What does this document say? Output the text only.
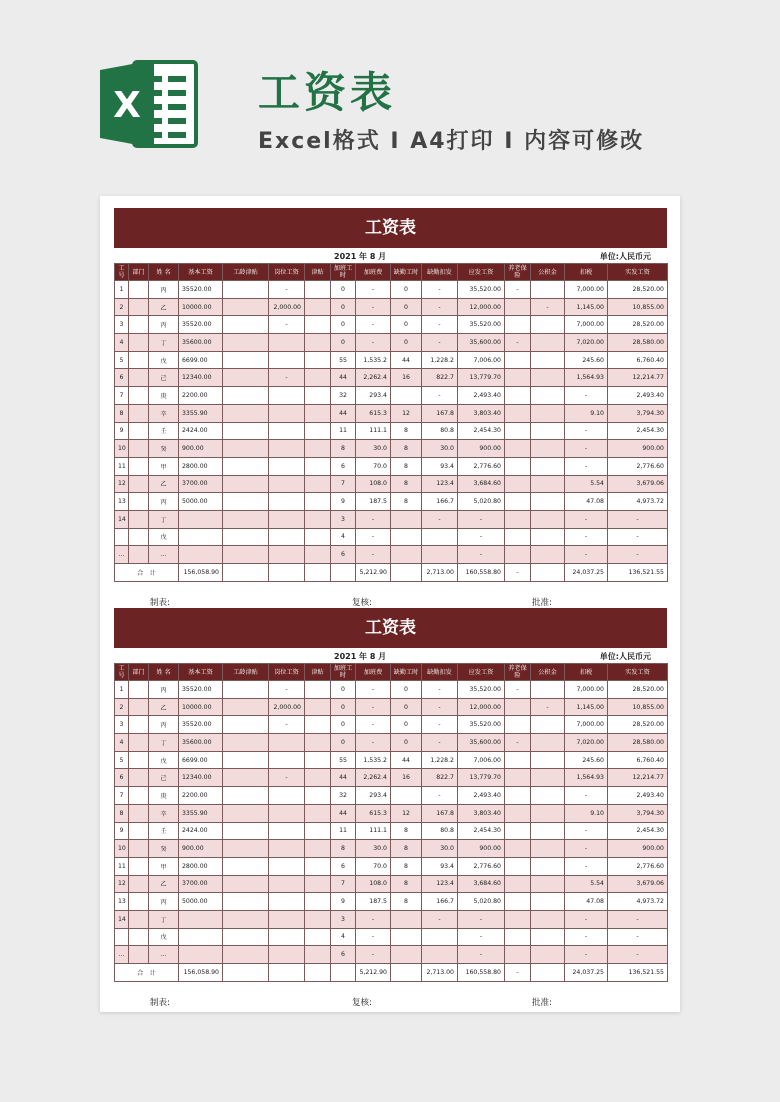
X	工资表
Excel格式 I A4打印 I 内容可修改
工资表
2021 年 8 月	单位:人民币元
工号	部门	姓 名	基本工资	工龄津贴	岗位工资	津贴	加班工时	加班费	缺勤工时	缺勤扣发	应发工资	养老保险	公积金	扣税	实发工资
1		丙	35520.00		-		0	-	0	-	35,520.00	-		7,000.00	28,520.00
2		乙	10000.00		2,000.00		0	-	0	-	12,000.00		-	1,145.00	10,855.00
3		丙	35520.00		-		0	-	0	-	35,520.00			7,000.00	28,520.00
4		丁	35600.00				0	-	0	-	35,600.00	-		7,020.00	28,580.00
5		戊	6699.00				55	1,535.2	44	1,228.2	7,006.00			245.60	6,760.40
6		己	12340.00		-		44	2,262.4	16	822.7	13,779.70			1,564.93	12,214.77
7		庚	2200.00				32	293.4		-	2,493.40			-	2,493.40
8		辛	3355.90				44	615.3	12	167.8	3,803.40			9.10	3,794.30
9		壬	2424.00				11	111.1	8	80.8	2,454.30			-	2,454.30
10		癸	900.00				8	30.0	8	30.0	900.00			-	900.00
11		甲	2800.00				6	70.0	8	93.4	2,776.60			-	2,776.60
12		乙	3700.00				7	108.0	8	123.4	3,684.60			5.54	3,679.06
13		丙	5000.00				9	187.5	8	166.7	5,020.80			47.08	4,973.72
14		丁					3	-		-	-			-	-
		戊					4	-			-			-	-
...		...					6	-			-			-	-
合　计			156,058.90					5,212.90		2,713.00	160,558.80	-		24,037.25	136,521.55
制表:	复核:	批准:
工资表
2021 年 8 月	单位:人民币元
工号	部门	姓 名	基本工资	工龄津贴	岗位工资	津贴	加班工时	加班费	缺勤工时	缺勤扣发	应发工资	养老保险	公积金	扣税	实发工资
1		丙	35520.00		-		0	-	0	-	35,520.00	-		7,000.00	28,520.00
2		乙	10000.00		2,000.00		0	-	0	-	12,000.00		-	1,145.00	10,855.00
3		丙	35520.00		-		0	-	0	-	35,520.00			7,000.00	28,520.00
4		丁	35600.00				0	-	0	-	35,600.00	-		7,020.00	28,580.00
5		戊	6699.00				55	1,535.2	44	1,228.2	7,006.00			245.60	6,760.40
6		己	12340.00		-		44	2,262.4	16	822.7	13,779.70			1,564.93	12,214.77
7		庚	2200.00				32	293.4		-	2,493.40			-	2,493.40
8		辛	3355.90				44	615.3	12	167.8	3,803.40			9.10	3,794.30
9		壬	2424.00				11	111.1	8	80.8	2,454.30			-	2,454.30
10		癸	900.00				8	30.0	8	30.0	900.00			-	900.00
11		甲	2800.00				6	70.0	8	93.4	2,776.60			-	2,776.60
12		乙	3700.00				7	108.0	8	123.4	3,684.60			5.54	3,679.06
13		丙	5000.00				9	187.5	8	166.7	5,020.80			47.08	4,973.72
14		丁					3	-		-	-			-	-
		戊					4	-			-			-	-
...		...					6	-			-			-	-
合　计			156,058.90					5,212.90		2,713.00	160,558.80	-		24,037.25	136,521.55
制表:	复核:	批准:
